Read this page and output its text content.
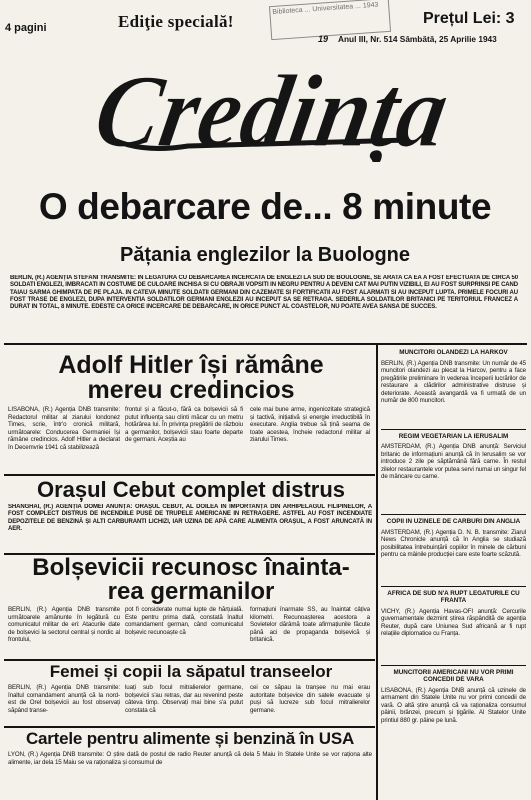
4 pagini	Ediţie specială!
Biblioteca ... Universitatea ... 1943
Prețul Lei: 3
19 Anul III, Nr. 514 Sâmbătă, 25 Aprilie 1943
Credința
O debarcare de... 8 minute
Pățania englezilor la Buologne
BERLIN, (R.) AGENȚIA STEFANI TRANSMITE: IN LEGATURA CU DEBARCAREA INCERCATA DE ENGLEZI LA SUD DE BOULOGNE, SE ARATA CA EA A FOST EFECTUATA DE CIRCA 50 SOLDATI ENGLEZI, IMBRACATI IN COSTUME DE CULOARE INCHISA SI CU OBRAJII VOPSITI IN NEGRU PENTRU A DEVENI CAT MAI PUTIN VIZIBILI, EI AU FOST SURPRINSI PE CAND TAIAU SARMA GHIMPATA DE PE PLAJA. IN CATEVA MINUTE SOLDATII GERMANI DIN CAZEMATE SI FORTIFICATII AU FOST ALARMATI SI AU INCEPUT LUPTA. PRIMELE FOCURI AU FOST TRASE DE ENGLEZI, DUPA INTERVENTIA SOLDATILOR GERMANI ENGLEZII AU INCEPUT SA SE RETRAGA. SEDERILA SOLDATILOR BRITANICI PE TERITORIUL FRANCEZ A DURAT IN TOTAL, 8 MINUTE. EDESTE CA ORICE INCERCARE DE DEBARCARE, IN ORICE PUNCT AL COASTELOR, NU POATE AVEA SANSA DE SUCCES.
Adolf Hitler își rămâne
mereu credincios
LISABONA, (R.) Agenția DNB transmite: Redactorul militar al ziarului londonez Times, scrie, într'o cronică militară, următoarele: Conducerea Germaniei își rămâne credincios. Adolf Hitler a declarat în Decemvrie 1941 că stabilizează
frontul și a făcut-o, fără ca bolșevicii să fi putut influența sau clinti măcar cu un metru hotărârea lui. În privința pregătirii de războiu a germanilor, bolșevicii stau foarte departe de germani. Aceștia au
cele mai bune arme, ingeniozitate strategică și tactivă, inițiativă și energie irreductibilă în executare. Anglia trebue să țină seama de toate acestea, încheie redactorul militar al ziarului Times.
Orașul Cebut complet distrus
SHANGHAI, (R.) AGENȚIA DOMEI ANUNȚĂ: ORAȘUL CEBUT, AL DOILEA IN IMPORTANȚĂ DIN ARHIPELAGUL FILIPINELOR, A FOST COMPLECT DISTRUS DE INCENDIILE PUSE DE TRUPELE AMERICANE IN RETRAGERE. ASTFEL AU FOST INCENDIATE DEPOZITELE DE BENZINĂ ȘI ALTI CARBURANTI LICHIZI, IAR UZINA DE APĂ CARE ALIMENTA ORAȘUL, A FOST ARUNCATĂ IN AER.
Bolșevicii recunosc înainta-
rea germanilor
BERLIN, (R.) Agenția DNB transmite următoarele amănunte în legătură cu comunicatul militar de eri: Atacurile date de bolșevici la sectorul central și nordic al frontului,
pot fi considerate numai lupte de hărțuială. Este pentru prima dată, constată înaltul comandament german, când comunicatul bolșevic recunoaște că
formațiuni înarmate SS, au înaintat câțiva kilometri. Recunoașterea acestora a Sovietelor dărâmă toate afirmațiunile făcute până aci de propaganda bolșevică și britanică.
Femei și copii la săpatul transeelor
BERLIN, (R.) Agenția DNB transmite: înaltul comandament anunță că la nord-est de Orel bolșevicii au fost observați săpând transe-
luați sub focul mitralierelor germane, bolșevicii s'au retras, dar au revenind peste câteva timp. Observați mai bine s'a putut constata că
cei ce săpau la tranșee nu mai erau autoritate bolșevice din satele evacuate și puși să lucreze sub focul mitralierelor germane.
Cartele pentru alimente și benzină în USA
LYON, (R.) Agenția DNB transmite: O știre dată de postul de radio Reuter anunță că dela 5 Maiu în Statele Unite se vor raționa alte alimente, iar dela 15 Maiu se va raționaliza și consumul de
MUNCITORI OLANDEZI LA HARKOV
BERLIN, (R.) Agenția DNB transmite: Un număr de 45 muncitori olandezi au plecat la Harcov, pentru a face pregătirile preliminare în vederea începerii lucrărilor de restaurare a clădirilor administrative distruse și deteriorate. Această avangardă va fi urmată de un număr de 800 muncitori.
REGIM VEGETARIAN LA IERUSALIM
AMSTERDAM, (R.) Agenția DNB anunță: Serviciul britanic de informațiuni anunță că în Ierusalim se vor introduce 2 zile pe săptămână fără carne. În restul zilelor restaurantele vor putea servi numai un singur fel de mâncare cu carne.
COPII IN UZINELE DE CARBURI DIN ANGLIA
AMSTERDAM, (R.) Agenția D. N. B. transmite: Ziarul News Chronicle anunță că în Anglia se studiază posibilitatea întrebuințării copiilor în minele de cărbuni pentru ca mâinile producției care este foarte scăzută.
AFRICA DE SUD N'A RUPT LEGATURILE CU FRANTA
VICHY, (R.) Agenția Havas-OFI anunță: Cercurile guvernamentale dezmint știrea răspândită de agenția Reuter, după care Uniunea Sud africană ar fi rupt relațiile diplomatice cu Franța.
MUNCITORII AMERICANI NU VOR PRIMI CONCEDII DE VARA
LISABONA, (R.) Agenția DNB anunță că uzinele de armament din Statele Unite nu vor primi concedii de vară. O altă știre anunță că va raționaliza consumul pâinii, brânzei, precum și țigările. Al Statelor Unite printiul 880 gr. pâine pe lună.
